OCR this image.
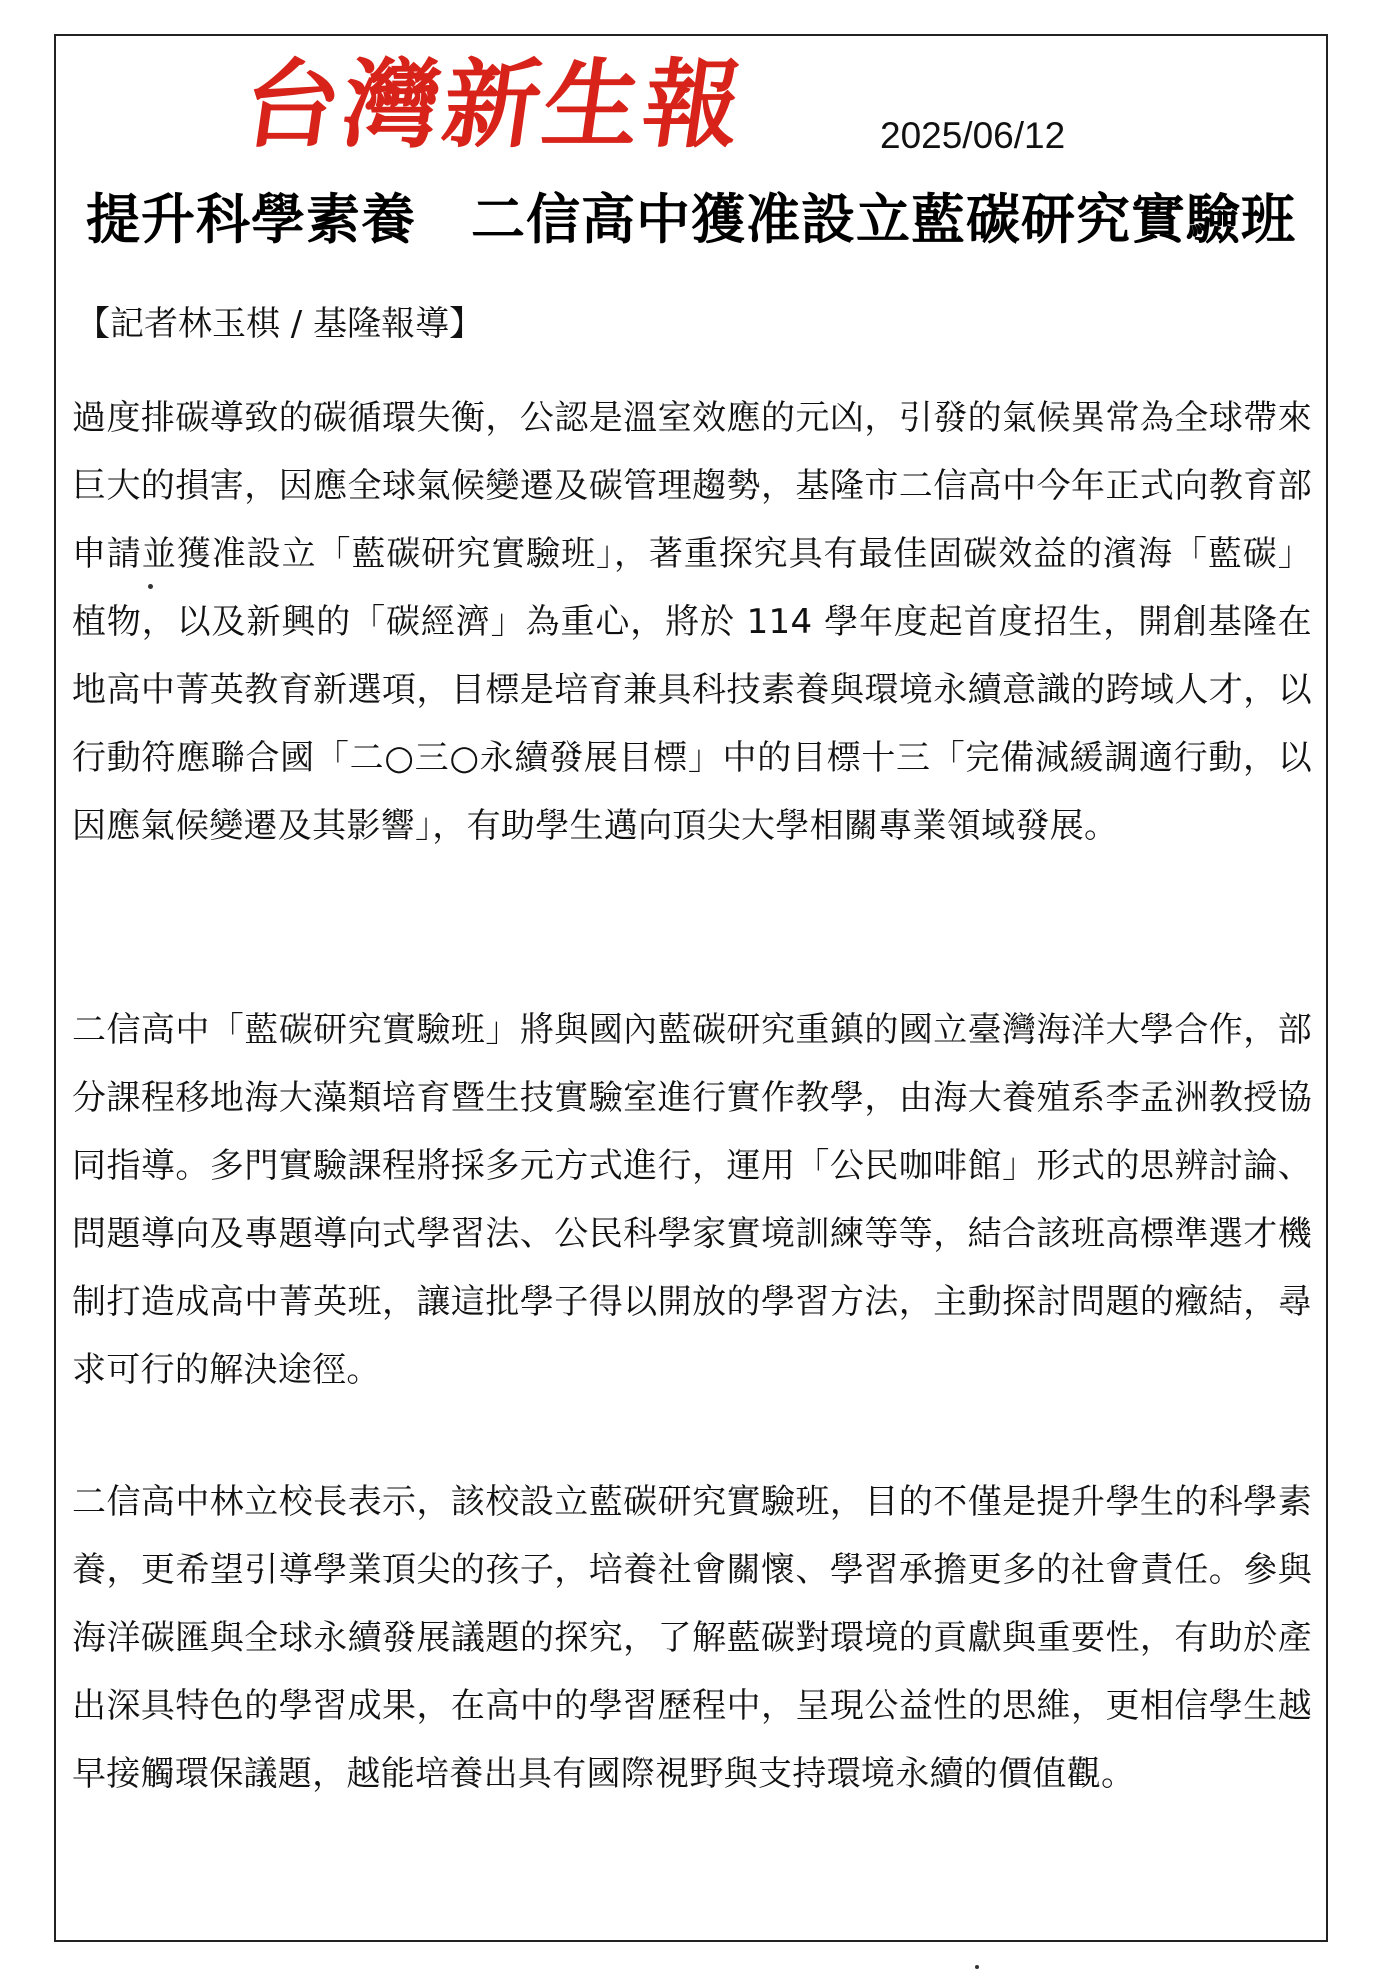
台灣新生報	2025/06/12
提升科學素養　二信高中獲准設立藍碳研究實驗班
【記者林玉棋 / 基隆報導】

過度排碳導致的碳循環失衡，公認是溫室效應的元凶，引發的氣候異常為全球帶來巨大的損害，因應全球氣候變遷及碳管理趨勢，基隆市二信高中今年正式向教育部申請並獲准設立「藍碳研究實驗班」，著重探究具有最佳固碳效益的濱海「藍碳」植物，以及新興的「碳經濟」為重心，將於 114 學年度起首度招生，開創基隆在地高中菁英教育新選項，目標是培育兼具科技素養與環境永續意識的跨域人才，以行動符應聯合國「二○三○永續發展目標」中的目標十三「完備減緩調適行動，以因應氣候變遷及其影響」，有助學生邁向頂尖大學相關專業領域發展。

二信高中「藍碳研究實驗班」將與國內藍碳研究重鎮的國立臺灣海洋大學合作，部分課程移地海大藻類培育暨生技實驗室進行實作教學，由海大養殖系李孟洲教授協同指導。多門實驗課程將採多元方式進行，運用「公民咖啡館」形式的思辨討論、問題導向及專題導向式學習法、公民科學家實境訓練等等，結合該班高標準選才機制打造成高中菁英班，讓這批學子得以開放的學習方法，主動探討問題的癥結，尋求可行的解決途徑。

二信高中林立校長表示，該校設立藍碳研究實驗班，目的不僅是提升學生的科學素養，更希望引導學業頂尖的孩子，培養社會關懷、學習承擔更多的社會責任。參與海洋碳匯與全球永續發展議題的探究，了解藍碳對環境的貢獻與重要性，有助於產出深具特色的學習成果，在高中的學習歷程中，呈現公益性的思維，更相信學生越早接觸環保議題，越能培養出具有國際視野與支持環境永續的價值觀。
